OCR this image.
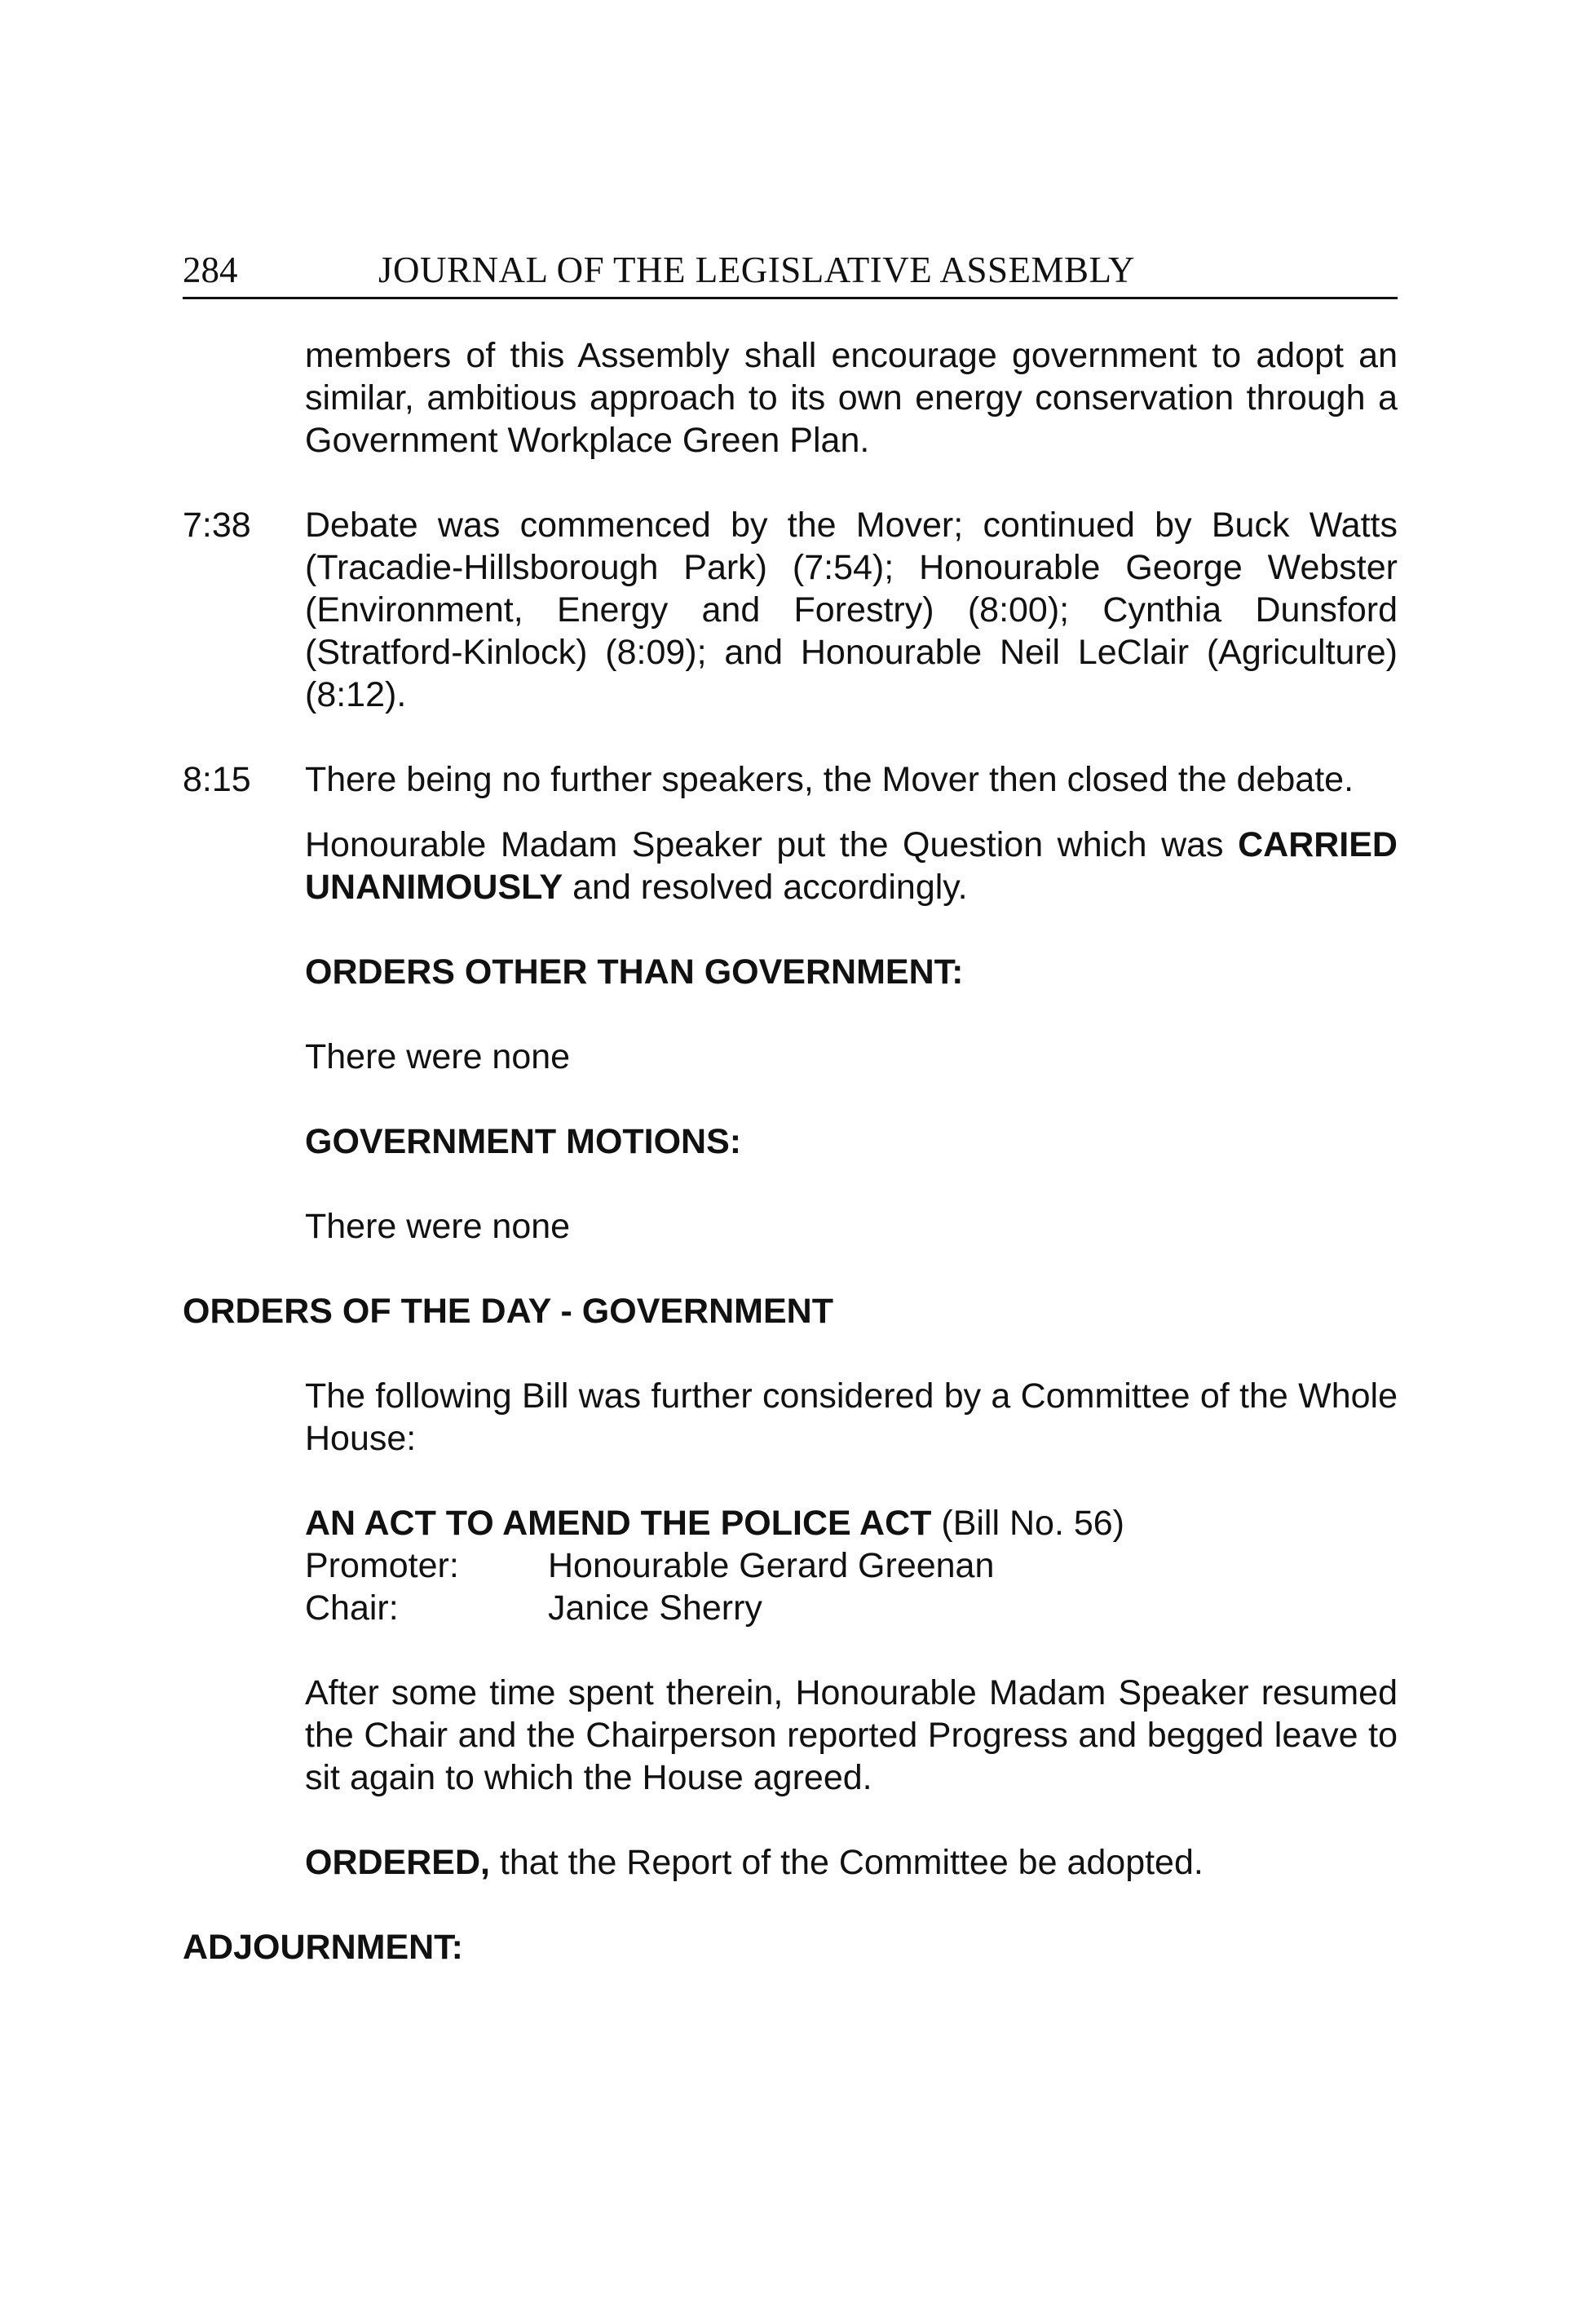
284	JOURNAL OF THE LEGISLATIVE ASSEMBLY

members of this Assembly shall encourage government to adopt an similar, ambitious approach to its own energy conservation through a Government Workplace Green Plan.

7:38	Debate was commenced by the Mover; continued by Buck Watts (Tracadie-Hillsborough Park) (7:54); Honourable George Webster (Environment, Energy and Forestry) (8:00); Cynthia Dunsford (Stratford-Kinlock) (8:09); and Honourable Neil LeClair (Agriculture) (8:12).
8:15	There being no further speakers, the Mover then closed the debate.

Honourable Madam Speaker put the Question which was CARRIED UNANIMOUSLY and resolved accordingly.

ORDERS OTHER THAN GOVERNMENT:

There were none

GOVERNMENT MOTIONS:

There were none

ORDERS OF THE DAY - GOVERNMENT

The following Bill was further considered by a Committee of the Whole House:

AN ACT TO AMEND THE POLICE ACT (Bill No. 56)

Promoter:	Honourable Gerard Greenan
Chair:	Janice Sherry

After some time spent therein, Honourable Madam Speaker resumed the Chair and the Chairperson reported Progress and begged leave to sit again to which the House agreed.

ORDERED, that the Report of the Committee be adopted.

ADJOURNMENT:
